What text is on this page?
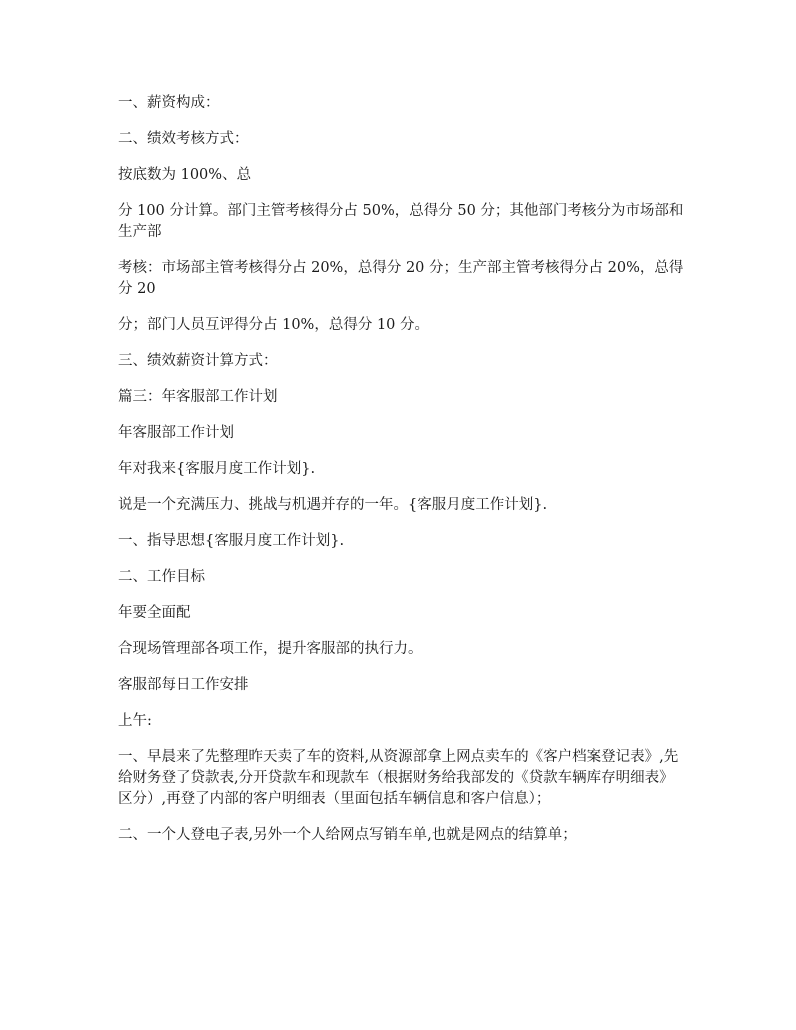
一、薪资构成：

二、绩效考核方式：

按底数为 100%、总

分 100 分计算。部门主管考核得分占 50%，总得分 50 分；其他部门考核分为市场部和生产部

考核：市场部主管考核得分占 20%，总得分 20 分；生产部主管考核得分占 20%，总得分 20

分；部门人员互评得分占 10%，总得分 10 分。

三、绩效薪资计算方式：

篇三：年客服部工作计划

年客服部工作计划

年对我来{客服月度工作计划}.

说是一个充满压力、挑战与机遇并存的一年。{客服月度工作计划}.

一、指导思想{客服月度工作计划}.

二、工作目标

年要全面配

合现场管理部各项工作，提升客服部的执行力。

客服部每日工作安排

上午:

一、早晨来了先整理昨天卖了车的资料,从资源部拿上网点卖车的《客户档案登记表》,先给财务登了贷款表,分开贷款车和现款车（根据财务给我部发的《贷款车辆库存明细表》区分）,再登了内部的客户明细表（里面包括车辆信息和客户信息）；

二、一个人登电子表,另外一个人给网点写销车单,也就是网点的结算单；
